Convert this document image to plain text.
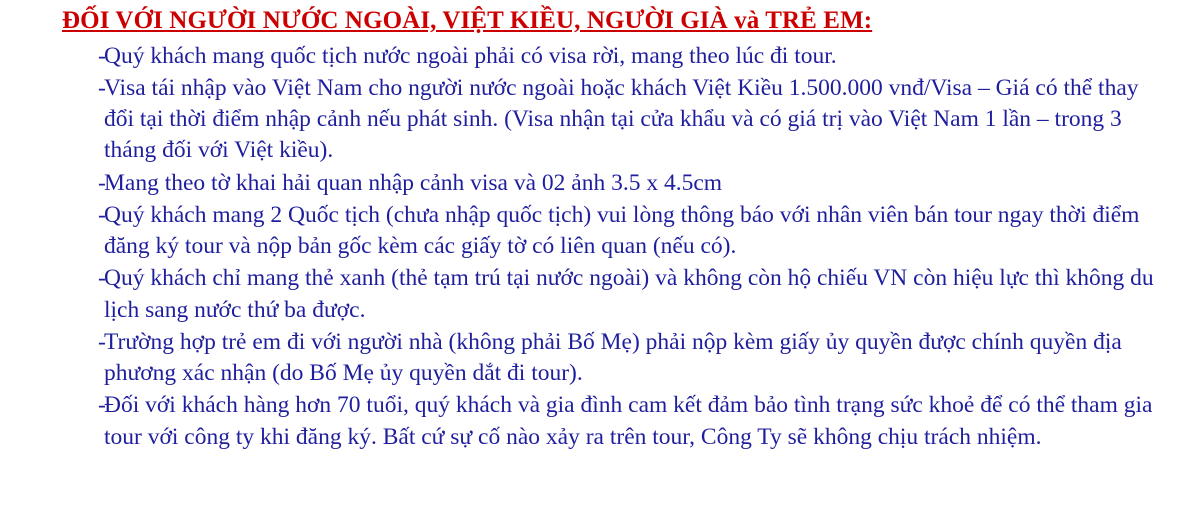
ĐỐI VỚI NGƯỜI NƯỚC NGOÀI, VIỆT KIỀU, NGƯỜI GIÀ và TRẺ EM:
-
Quý khách mang quốc tịch nước ngoài phải có visa rời, mang theo lúc đi tour.
-
Visa tái nhập vào Việt Nam cho người nước ngoài hoặc khách Việt Kiều 1.500.000 vnđ/Visa – Giá có thể thay đổi tại thời điểm nhập cảnh nếu phát sinh. (Visa nhận tại cửa khẩu và có giá trị vào Việt Nam 1 lần – trong 3 tháng đối với Việt kiều).
-
Mang theo tờ khai hải quan nhập cảnh visa và 02 ảnh 3.5 x 4.5cm
-
Quý khách mang 2 Quốc tịch (chưa nhập quốc tịch) vui lòng thông báo với nhân viên bán tour ngay thời điểm đăng ký tour và nộp bản gốc kèm các giấy tờ có liên quan (nếu có).
-
Quý khách chỉ mang thẻ xanh (thẻ tạm trú tại nước ngoài) và không còn hộ chiếu VN còn hiệu lực thì không du lịch sang nước thứ ba được.
-
Trường hợp trẻ em đi với người nhà (không phải Bố Mẹ) phải nộp kèm giấy ủy quyền được chính quyền địa phương xác nhận (do Bố Mẹ ủy quyền dắt đi tour).
-
Đối với khách hàng hơn 70 tuổi, quý khách và gia đình cam kết đảm bảo tình trạng sức khoẻ để có thể tham gia tour với công ty khi đăng ký. Bất cứ sự cố nào xảy ra trên tour, Công Ty sẽ không chịu trách nhiệm.
